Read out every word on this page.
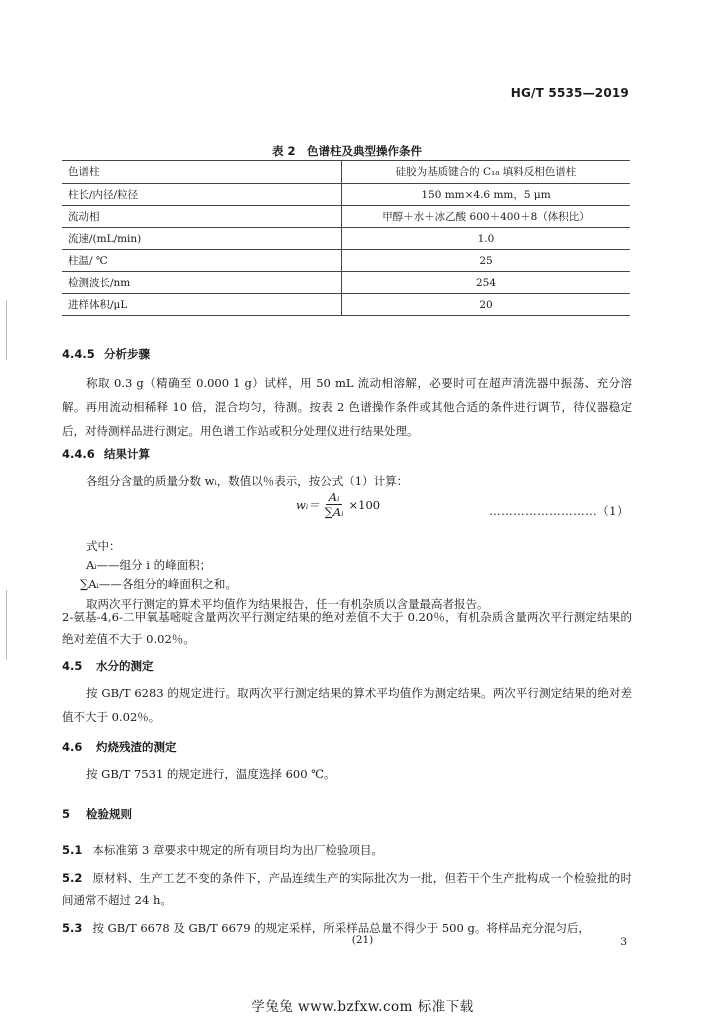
HG/T 5535—2019
表 2　色谱柱及典型操作条件
色谱柱	硅胶为基质键合的 C₁₈ 填料反相色谱柱
柱长/内径/粒径	150 mm×4.6 mm，5 μm
流动相	甲醇＋水＋冰乙酸 600＋400＋8（体积比）
流速/(mL/min)	1.0
柱温/ ℃	25
检测波长/nm	254
进样体积/μL	20
4.4.5 分析步骤
称取 0.3 g（精确至 0.000 1 g）试样，用 50 mL 流动相溶解，必要时可在超声清洗器中振荡、充分溶解。再用流动相稀释 10 倍，混合均匀，待测。按表 2 色谱操作条件或其他合适的条件进行调节，待仪器稳定后，对待测样品进行测定。用色谱工作站或积分处理仪进行结果处理。
4.4.6 结果计算
各组分含量的质量分数 wᵢ，数值以％表示，按公式（1）计算：
wᵢ＝ $\frac{\text{Aᵢ}}{\text{∑Aᵢ}} \times 100$	………………………（1）
式中：
Aᵢ——组分 i 的峰面积；
∑Aᵢ——各组分的峰面积之和。
取两次平行测定的算术平均值作为结果报告，任一有机杂质以含量最高者报告。
2-氨基-4,6-二甲氧基嘧啶含量两次平行测定结果的绝对差值不大于 0.20％，有机杂质含量两次平行测定结果的绝对差值不大于 0.02％。
4.5 水分的测定
按 GB/T 6283 的规定进行。取两次平行测定结果的算术平均值作为测定结果。两次平行测定结果的绝对差值不大于 0.02％。
4.6 灼烧残渣的测定
按 GB/T 7531 的规定进行，温度选择 600 ℃。
5 检验规则
5.1 本标准第 3 章要求中规定的所有项目均为出厂检验项目。
5.2 原材料、生产工艺不变的条件下，产品连续生产的实际批次为一批，但若干个生产批构成一个检验批的时间通常不超过 24 h。
5.3 按 GB/T 6678 及 GB/T 6679 的规定采样，所采样品总量不得少于 500 g。将样品充分混匀后，
(21)	3
学兔兔 www.bzfxw.com 标准下载
